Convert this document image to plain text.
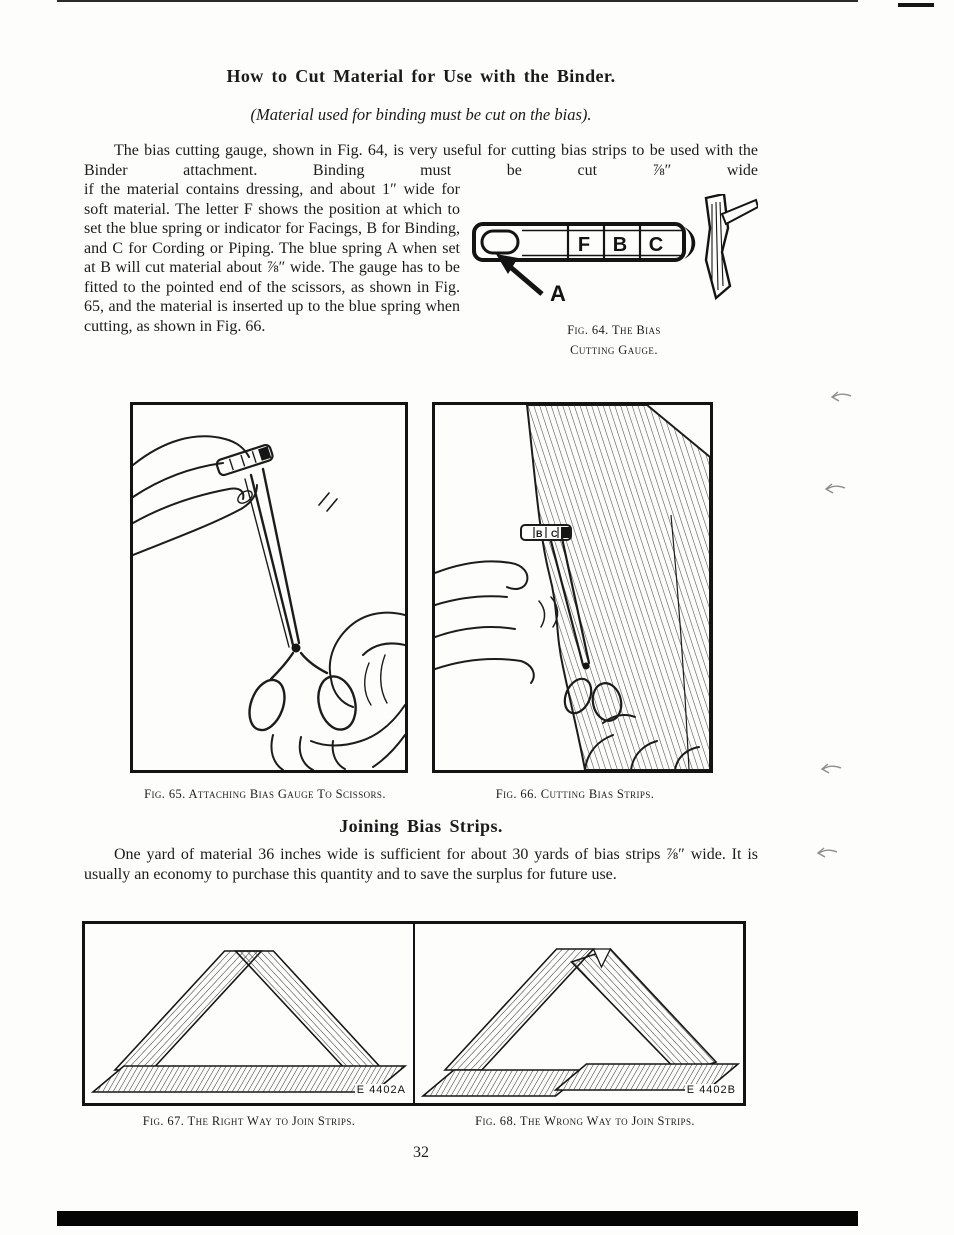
How to Cut Material for Use with the Binder.
(Material used for binding must be cut on the bias).
The bias cutting gauge, shown in Fig. 64, is very useful for cutting bias strips to be used with the Binder attachment. Binding must be cut ⅞″ wide
if the material contains dressing, and about 1″ wide for soft material. The letter F shows the position at which to set the blue spring or indicator for Facings, B for Binding, and C for Cording or Piping. The blue spring A when set at B will cut material about ⅞″ wide. The gauge has to be fitted to the pointed end of the scissors, as shown in Fig. 65, and the material is inserted up to the blue spring when cutting, as shown in Fig. 66.
F B C
A
Fig. 64. The Bias
Cutting Gauge.
B C
Fig. 65. Attaching Bias Gauge To Scissors.	Fig. 66. Cutting Bias Strips.
Joining Bias Strips.
One yard of material 36 inches wide is sufficient for about 30 yards of bias strips ⅞″ wide. It is usually an economy to purchase this quantity and to save the surplus for future use.
E 4402A	E 4402B
Fig. 67. The Right Way to Join Strips.	Fig. 68. The Wrong Way to Join Strips.
32
